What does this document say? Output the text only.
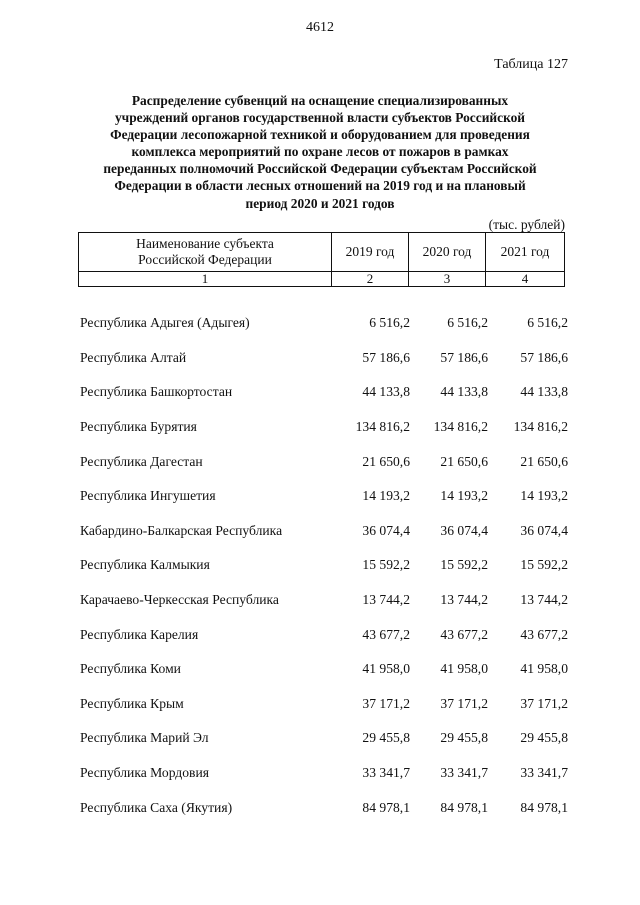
4612
Таблица 127
Распределение субвенций на оснащение специализированных
учреждений органов государственной власти субъектов Российской
Федерации лесопожарной техникой и оборудованием для проведения
комплекса мероприятий по охране лесов от пожаров в рамках
переданных полномочий Российской Федерации субъектам Российской
Федерации в области лесных отношений на 2019 год и на плановый
период 2020 и 2021 годов
(тыс. рублей)
Наименование субъекта
Российской Федерации	2019 год	2020 год	2021 год
1	2	3	4
Республика Адыгея (Адыгея)	6 516,2	6 516,2	6 516,2
Республика Алтай	57 186,6	57 186,6	57 186,6
Республика Башкортостан	44 133,8	44 133,8	44 133,8
Республика Бурятия	134 816,2	134 816,2	134 816,2
Республика Дагестан	21 650,6	21 650,6	21 650,6
Республика Ингушетия	14 193,2	14 193,2	14 193,2
Кабардино-Балкарская Республика	36 074,4	36 074,4	36 074,4
Республика Калмыкия	15 592,2	15 592,2	15 592,2
Карачаево-Черкесская Республика	13 744,2	13 744,2	13 744,2
Республика Карелия	43 677,2	43 677,2	43 677,2
Республика Коми	41 958,0	41 958,0	41 958,0
Республика Крым	37 171,2	37 171,2	37 171,2
Республика Марий Эл	29 455,8	29 455,8	29 455,8
Республика Мордовия	33 341,7	33 341,7	33 341,7
Республика Саха (Якутия)	84 978,1	84 978,1	84 978,1
